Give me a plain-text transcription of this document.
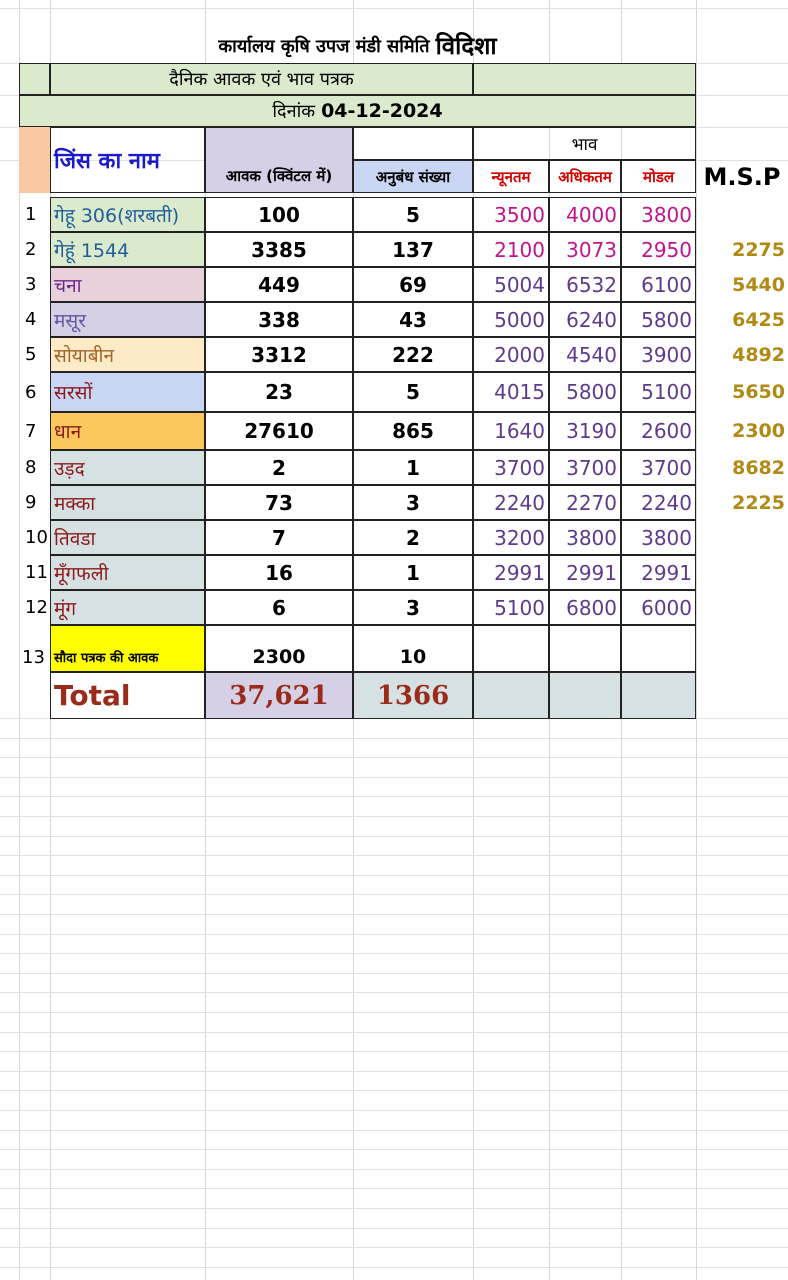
कार्यालय कृषि उपज मंडी समिति विदिशा
दैनिक आवक एवं भाव पत्रक
दिनांक 04-12-2024
जिंस का नाम
आवक (क्विंटल में)	अनुबंध संख्या
भाव
न्यूनतम	अधिकतम	मोडल	M.S.P
1 गेहू 306(शरबती)	100	5	3500	4000	3800
2 गेहूं 1544	3385	137	2100	3073	2950	2275
3 चना	449	69	5004	6532	6100	5440
4 मसूर	338	43	5000	6240	5800	6425
5 सोयाबीन	3312	222	2000	4540	3900	4892
6 सरसों	23	5	4015	5800	5100	5650
7 धान	27610	865	1640	3190	2600	2300
8 उड़द	2	1	3700	3700	3700	8682
9 मक्का	73	3	2240	2270	2240	2225
10 तिवडा	7	2	3200	3800	3800
11 मूँगफली	16	1	2991	2991	2991
12 मूंग	6	3	5100	6800	6000
13 सौदा पत्रक की आवक	2300	10
Total	37,621	1366
